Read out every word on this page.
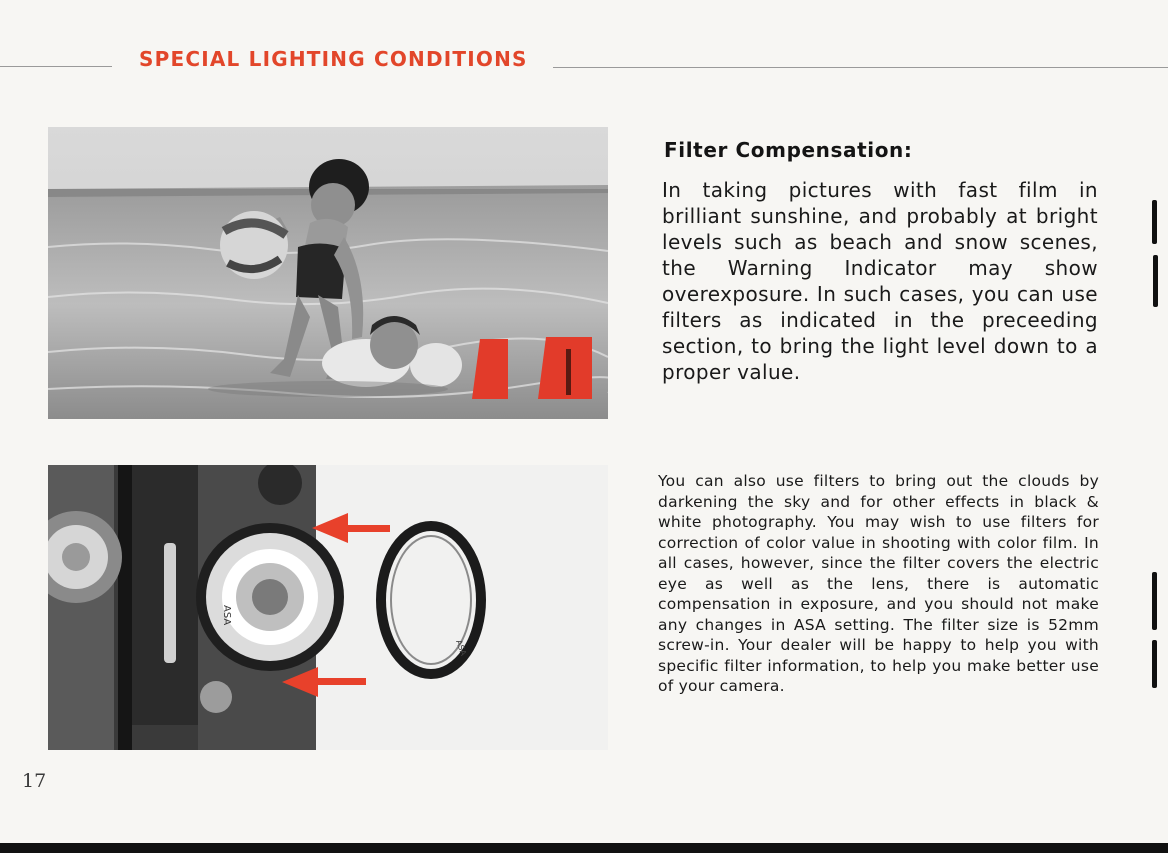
SPECIAL LIGHTING CONDITIONS
ASA
ASA
Filter Compensation:

In taking pictures with fast film in brilliant sunshine, and probably at bright levels such as beach and snow scenes, the Warning Indicator may show overexposure. In such cases, you can use filters as indicated in the preceeding section, to bring the light level down to a proper value.

You can also use filters to bring out the clouds by darkening the sky and for other effects in black & white photography. You may wish to use filters for correction of color value in shooting with color film. In all cases, however, since the filter covers the electric eye as well as the lens, there is automatic compensation in exposure, and you should not make any changes in ASA setting. The filter size is 52mm screw-in. Your dealer will be happy to help you with specific filter information, to help you make better use of your camera.

17
